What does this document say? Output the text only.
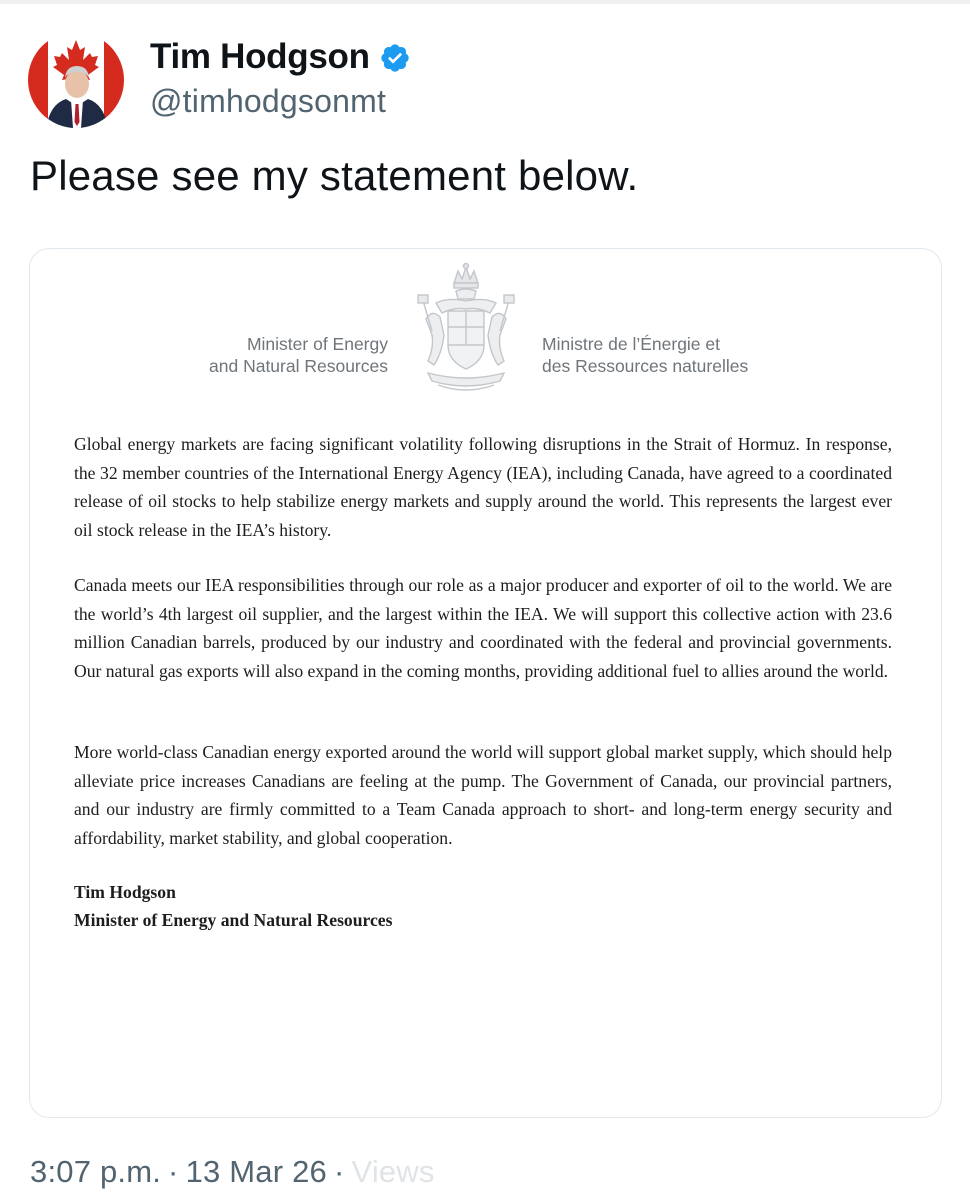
Tim Hodgson
@timhodgsonmt
Please see my statement below.
Minister of Energy
and Natural Resources
Ministre de l’Énergie et
des Ressources naturelles

Global energy markets are facing significant volatility following disruptions in the Strait of Hormuz. In response, the 32 member countries of the International Energy Agency (IEA), including Canada, have agreed to a coordinated release of oil stocks to help stabilize energy markets and supply around the world. This represents the largest ever oil stock release in the IEA’s history.

Canada meets our IEA responsibilities through our role as a major producer and exporter of oil to the world. We are the world’s 4th largest oil supplier, and the largest within the IEA. We will support this collective action with 23.6 million Canadian barrels, produced by our industry and coordinated with the federal and provincial governments. Our natural gas exports will also expand in the coming months, providing additional fuel to allies around the world.

More world-class Canadian energy exported around the world will support global market supply, which should help alleviate price increases Canadians are feeling at the pump. The Government of Canada, our provincial partners, and our industry are firmly committed to a Team Canada approach to short- and long-term energy security and affordability, market stability, and global cooperation.

Tim Hodgson
Minister of Energy and Natural Resources
3:07 p.m. · 13 Mar 26 · Views
